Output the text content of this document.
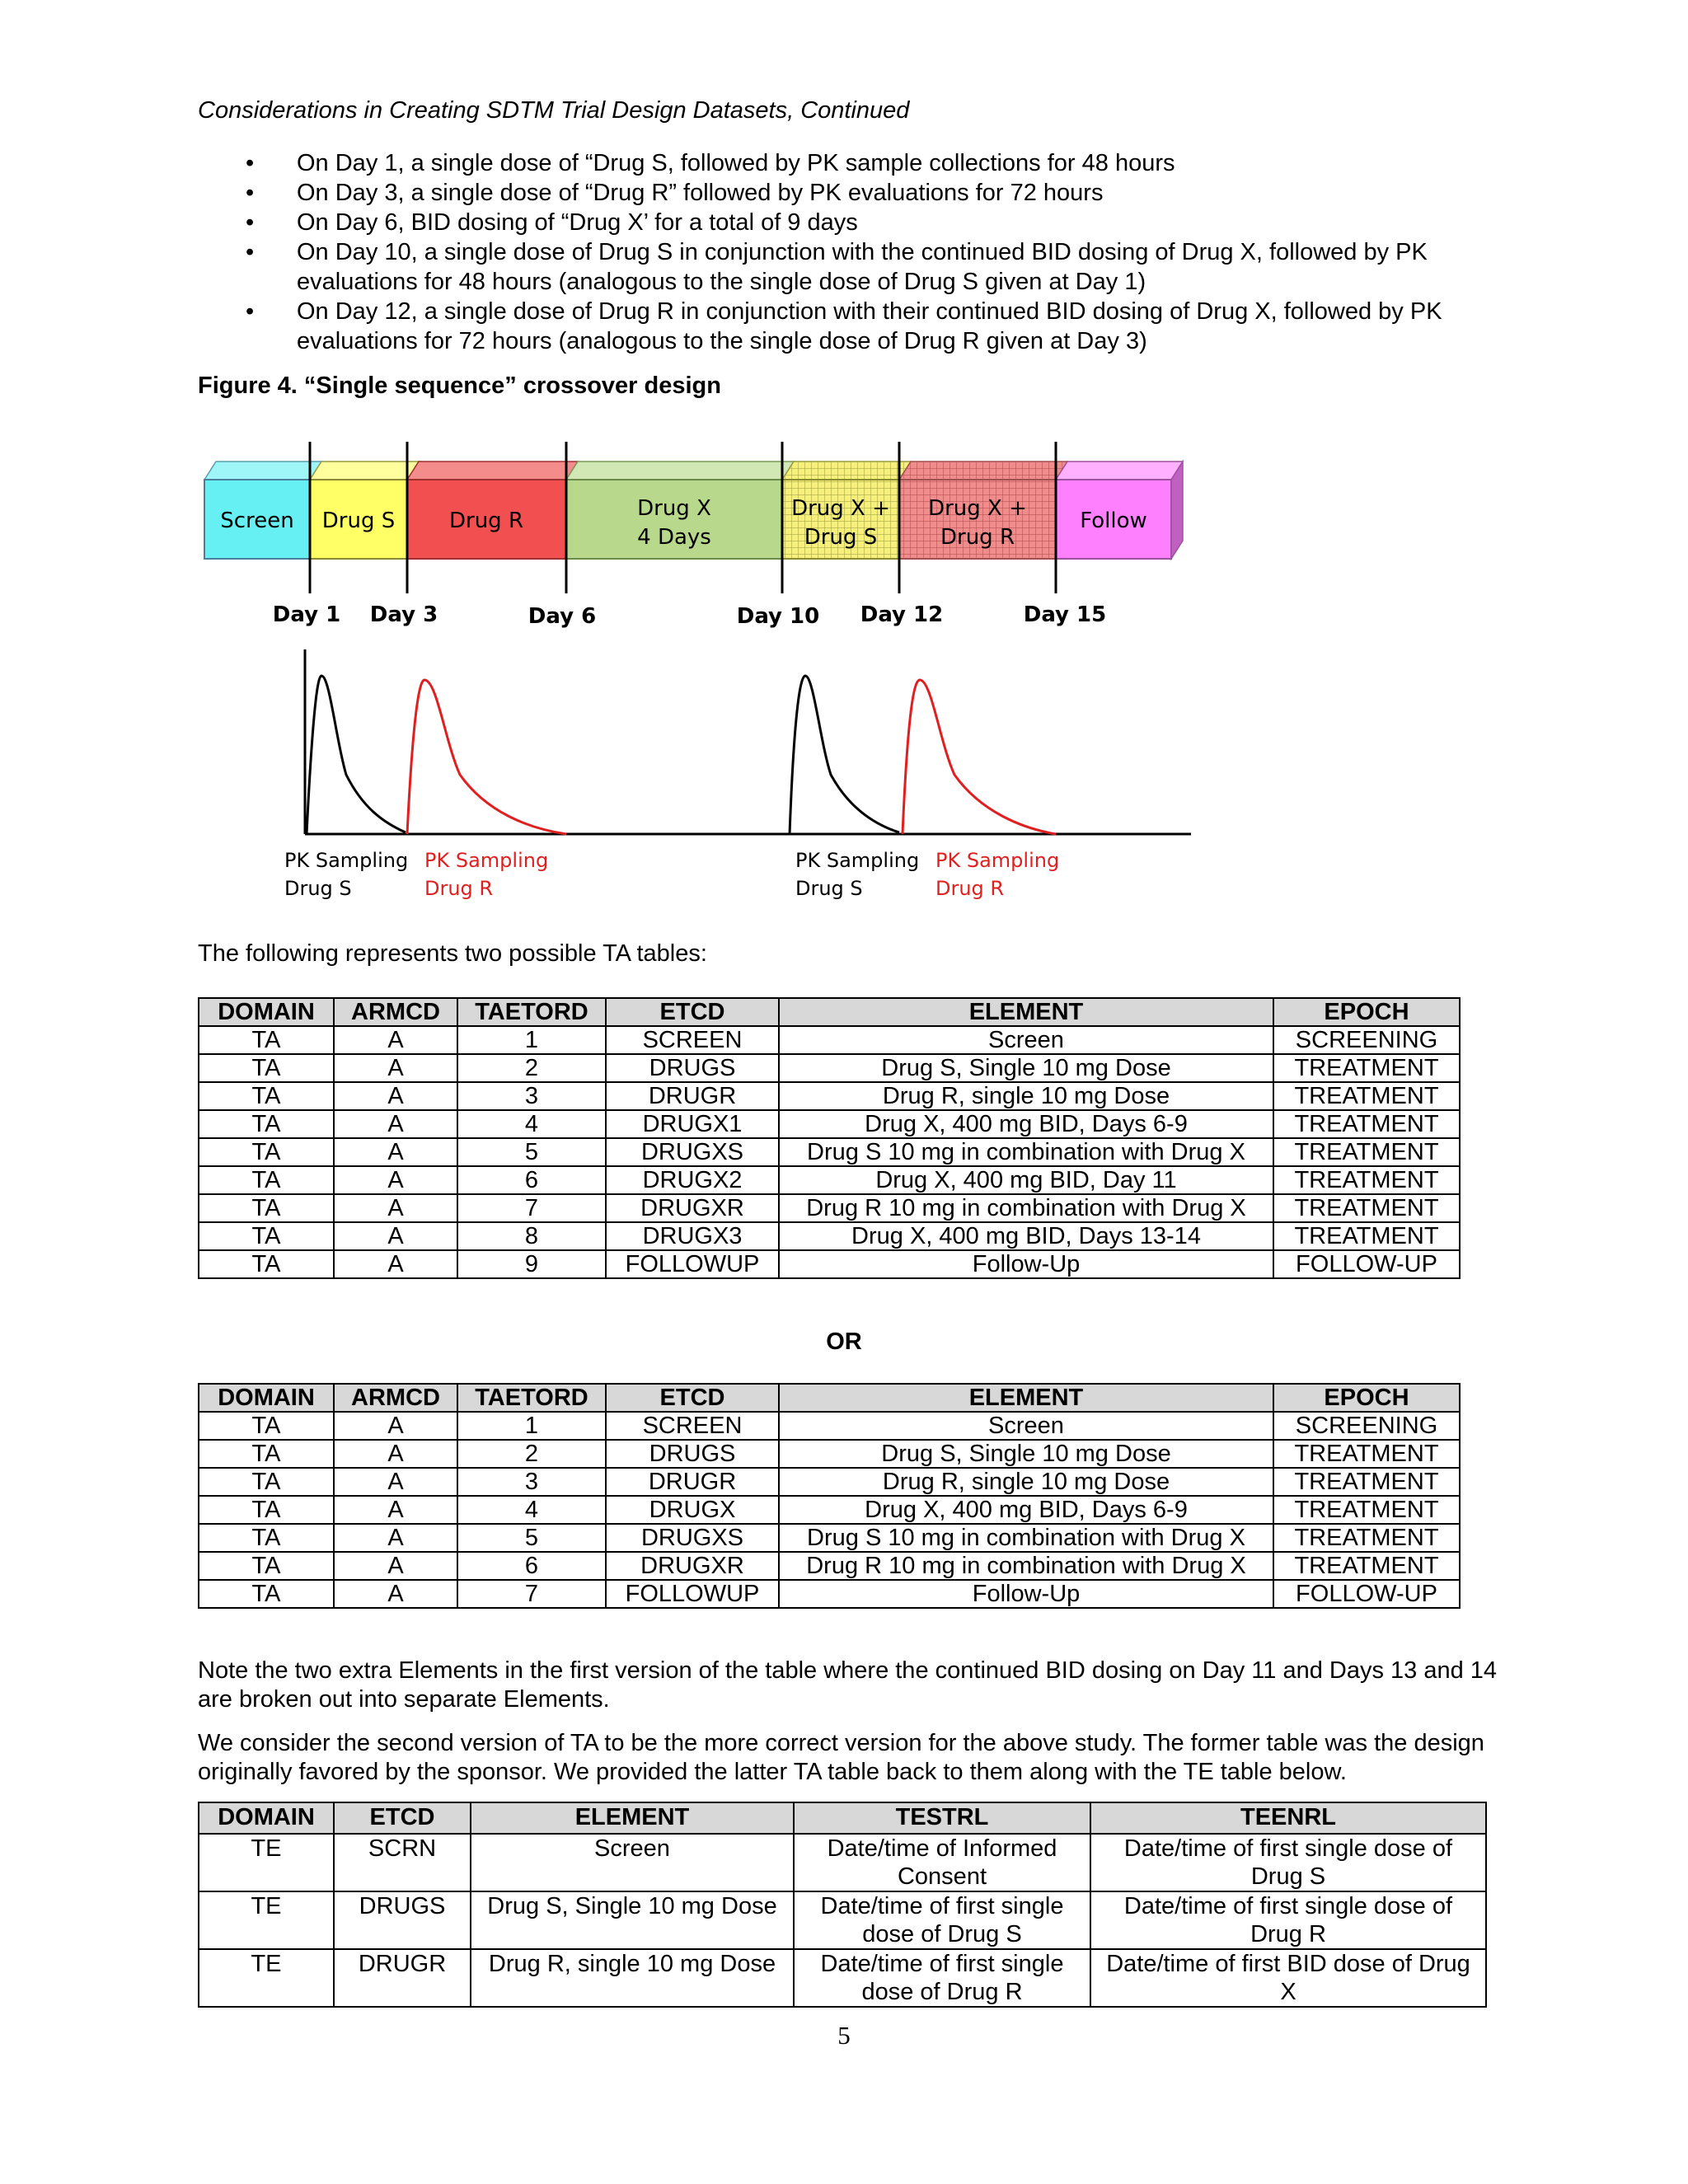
Considerations in Creating SDTM Trial Design Datasets, Continued
• On Day 1, a single dose of “Drug S, followed by PK sample collections for 48 hours
• On Day 3, a single dose of “Drug R” followed by PK evaluations for 72 hours
• On Day 6, BID dosing of “Drug X’ for a total of 9 days
• On Day 10, a single dose of Drug S in conjunction with the continued BID dosing of Drug X, followed by PK evaluations for 48 hours (analogous to the single dose of Drug S given at Day 1)
• On Day 12, a single dose of Drug R in conjunction with their continued BID dosing of Drug X, followed by PK evaluations for 72 hours (analogous to the single dose of Drug R given at Day 3)
Figure 4. “Single sequence” crossover design
Screen Drug S	Drug R	Drug X
4 Days
Drug X +
Drug S
Drug X +
Drug R
Follow
Day 1 Day 3	Day 6	Day 10 Day 12	Day 15
PK Sampling
Drug S
PK Sampling
Drug R
PK Sampling
Drug S
PK Sampling
Drug R

The following represents two possible TA tables:

DOMAIN	ARMCD	TAETORD	ETCD	ELEMENT	EPOCH
TA	A	1	SCREEN	Screen	SCREENING
TA	A	2	DRUGS	Drug S, Single 10 mg Dose	TREATMENT
TA	A	3	DRUGR	Drug R, single 10 mg Dose	TREATMENT
TA	A	4	DRUGX1	Drug X, 400 mg BID, Days 6-9	TREATMENT
TA	A	5	DRUGXS	Drug S 10 mg in combination with Drug X	TREATMENT
TA	A	6	DRUGX2	Drug X, 400 mg BID, Day 11	TREATMENT
TA	A	7	DRUGXR	Drug R 10 mg in combination with Drug X	TREATMENT
TA	A	8	DRUGX3	Drug X, 400 mg BID, Days 13-14	TREATMENT
TA	A	9	FOLLOWUP	Follow-Up	FOLLOW-UP
OR
DOMAIN	ARMCD	TAETORD	ETCD	ELEMENT	EPOCH
TA	A	1	SCREEN	Screen	SCREENING
TA	A	2	DRUGS	Drug S, Single 10 mg Dose	TREATMENT
TA	A	3	DRUGR	Drug R, single 10 mg Dose	TREATMENT
TA	A	4	DRUGX	Drug X, 400 mg BID, Days 6-9	TREATMENT
TA	A	5	DRUGXS	Drug S 10 mg in combination with Drug X	TREATMENT
TA	A	6	DRUGXR	Drug R 10 mg in combination with Drug X	TREATMENT
TA	A	7	FOLLOWUP	Follow-Up	FOLLOW-UP

Note the two extra Elements in the first version of the table where the continued BID dosing on Day 11 and Days 13 and 14 are broken out into separate Elements.

We consider the second version of TA to be the more correct version for the above study. The former table was the design originally favored by the sponsor. We provided the latter TA table back to them along with the TE table below.

DOMAIN	ETCD	ELEMENT	TESTRL	TEENRL
TE	SCRN	Screen	Date/time of Informed Consent	Date/time of first single dose of Drug S
TE	DRUGS	Drug S, Single 10 mg Dose	Date/time of first single dose of Drug S	Date/time of first single dose of Drug R
TE	DRUGR	Drug R, single 10 mg Dose	Date/time of first single dose of Drug R	Date/time of first BID dose of Drug X
5
